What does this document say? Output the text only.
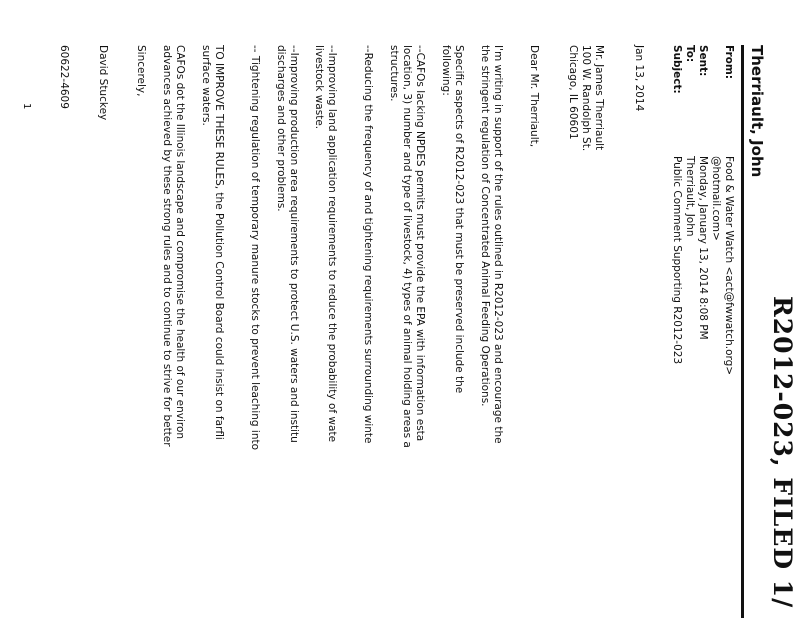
R2012-023, FILED 1/
Therriault, John
From:
Food & Water Watch <act@fwwatch.org>
@hotmail.com>
Sent:
Monday, January 13, 2014 8:08 PM
To:
Therriault, John
Subject:
Public Comment Supporting R2012-023
Jan 13, 2014
Mr. James Therriault
100 W. Randolph St.
Chicago, IL 60601
Dear Mr. Therriault,
I'm writing in support of the rules outlined in R2012-023 and encourage the
the stringent regulation of Concentrated Animal Feeding Operations.
Specific aspects of R2012-023 that must be preserved include the
following:
--CAFOs lacking NPDES permits must provide the EPA with information esta
location, 3) number and type of livestock, 4) types of animal holding areas a
structures.
--Reducing the frequency of and tightening requirements surrounding winte
--Improving land application requirements to reduce the probability of wate
livestock waste.
--Improving production area requirements to protect U.S. waters and institu
discharges and other problems.
-- Tightening regulation of temporary manure stocks to prevent leaching into
TO IMPROVE THESE RULES, the Pollution Control Board could insist on farfli
surface waters.
CAFOs dot the Illinois landscape and compromise the health of our environ
advances achieved by these strong rules and to continue to strive for better
Sincerely,
David Stuckey
60622-4609
1
